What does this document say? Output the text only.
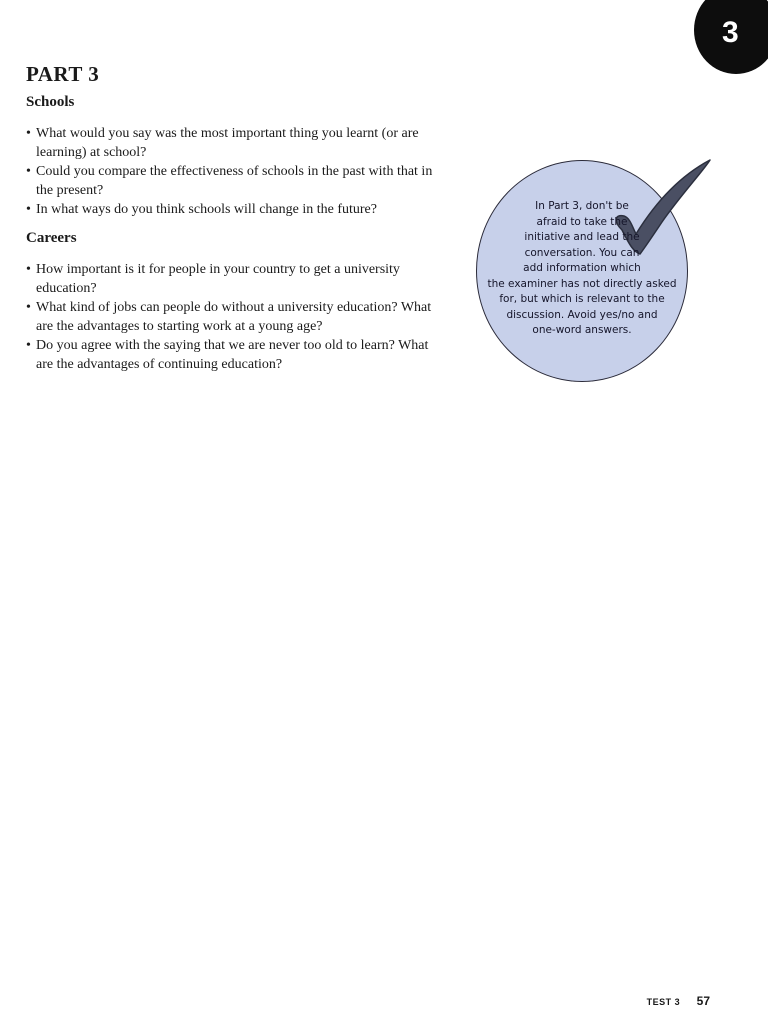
3
PART 3
Schools
• What would you say was the most important thing you learnt (or are
learning) at school?
• Could you compare the effectiveness of schools in the past with that in
the present?
• In what ways do you think schools will change in the future?
Careers
• How important is it for people in your country to get a university
education?
• What kind of jobs can people do without a university education? What
are the advantages to starting work at a young age?
• Do you agree with the saying that we are never too old to learn? What
are the advantages of continuing education?
In Part 3, don't be
afraid to take the
initiative and lead the
conversation. You can
add information which
the examiner has not directly asked
for, but which is relevant to the
discussion. Avoid yes/no and
one-word answers.
TEST 3 57
